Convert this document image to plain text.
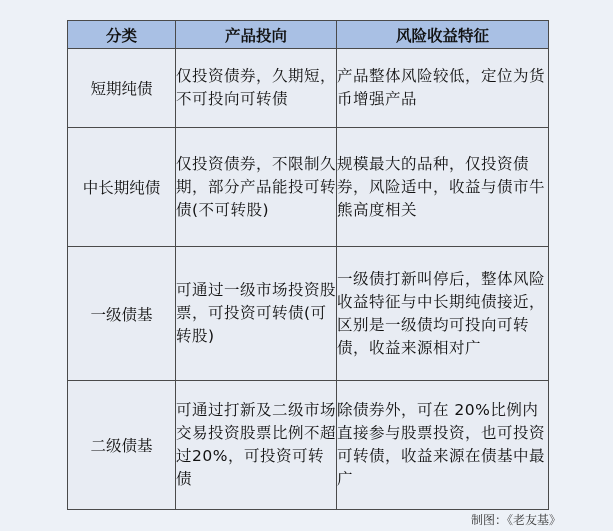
分类	产品投向	风险收益特征
短期纯债	仅投资债券，久期短，不可投向可转债	产品整体风险较低，定位为货币增强产品
中长期纯债	仅投资债券，不限制久期，部分产品能投可转债(不可转股)	规模最大的品种，仅投资债券，风险适中，收益与债市牛熊高度相关
一级债基	可通过一级市场投资股票，可投资可转债(可转股)	一级债打新叫停后，整体风险收益特征与中长期纯债接近，区别是一级债均可投向可转债，收益来源相对广
二级债基	可通过打新及二级市场交易投资股票比例不超过20%，可投资可转债	除债券外，可在 20%比例内直接参与股票投资，也可投资可转债，收益来源在债基中最广
制图：《老友基》
